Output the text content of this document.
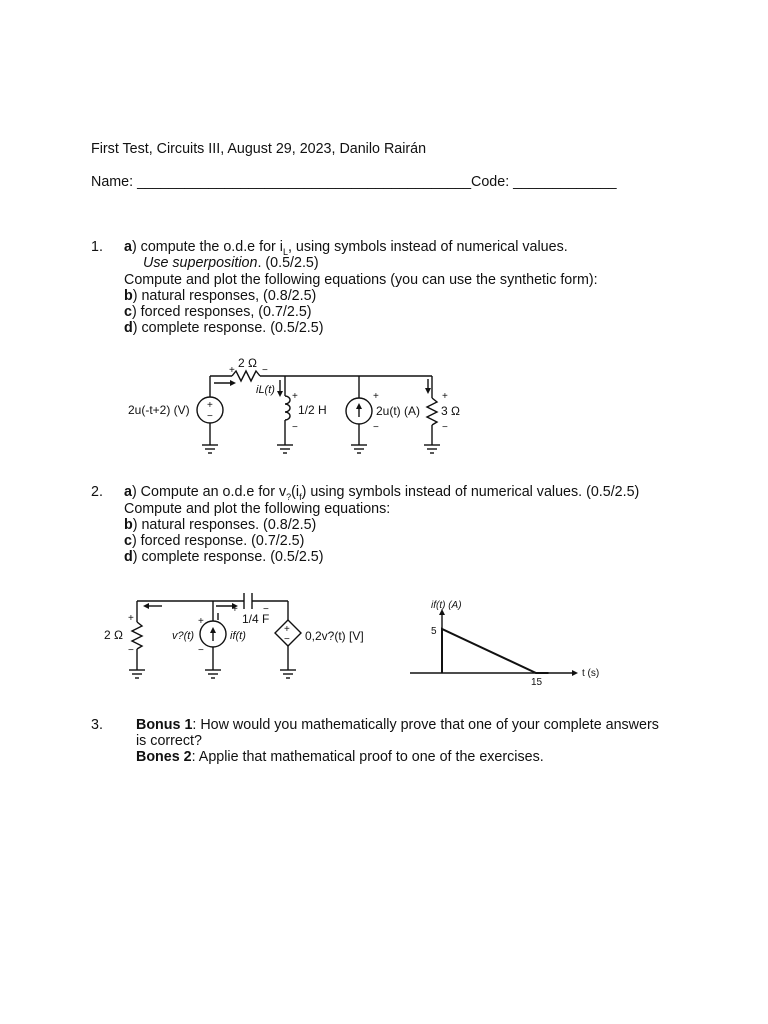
First Test, Circuits III, August 29, 2023, Danilo Rairán
Name: __________________________________________Code: _____________
1. a) compute the o.d.e for $i_L$, using symbols instead of numerical values.
Use superposition. (0.5/2.5)
Compute and plot the following equations (you can use the synthetic form):
b) natural responses, (0.8/2.5)
c) forced responses, (0.7/2.5)
d) complete response. (0.5/2.5)
+
−
+	−
+
−
+
−
+
−
2u(-t+2) (V)
2 Ω
iL(t)
1/2 H	2u(t) (A) 3 Ω
2. a) Compute an o.d.e for $v_?(i_f)$ using symbols instead of numerical values. (0.5/2.5)
Compute and plot the following equations:
b) natural responses. (0.8/2.5)
c) forced response. (0.7/2.5)
d) complete response. (0.5/2.5)
+
−
+
−
+	−
+
−
2 Ω
1/4 F
v?(t)	if(t)	0,2v?(t) [V]
if(t) (A)
t (s)
5
15
3. Bonus 1: How would you mathematically prove that one of your complete answers
is correct?
Bones 2: Applie that mathematical proof to one of the exercises.
